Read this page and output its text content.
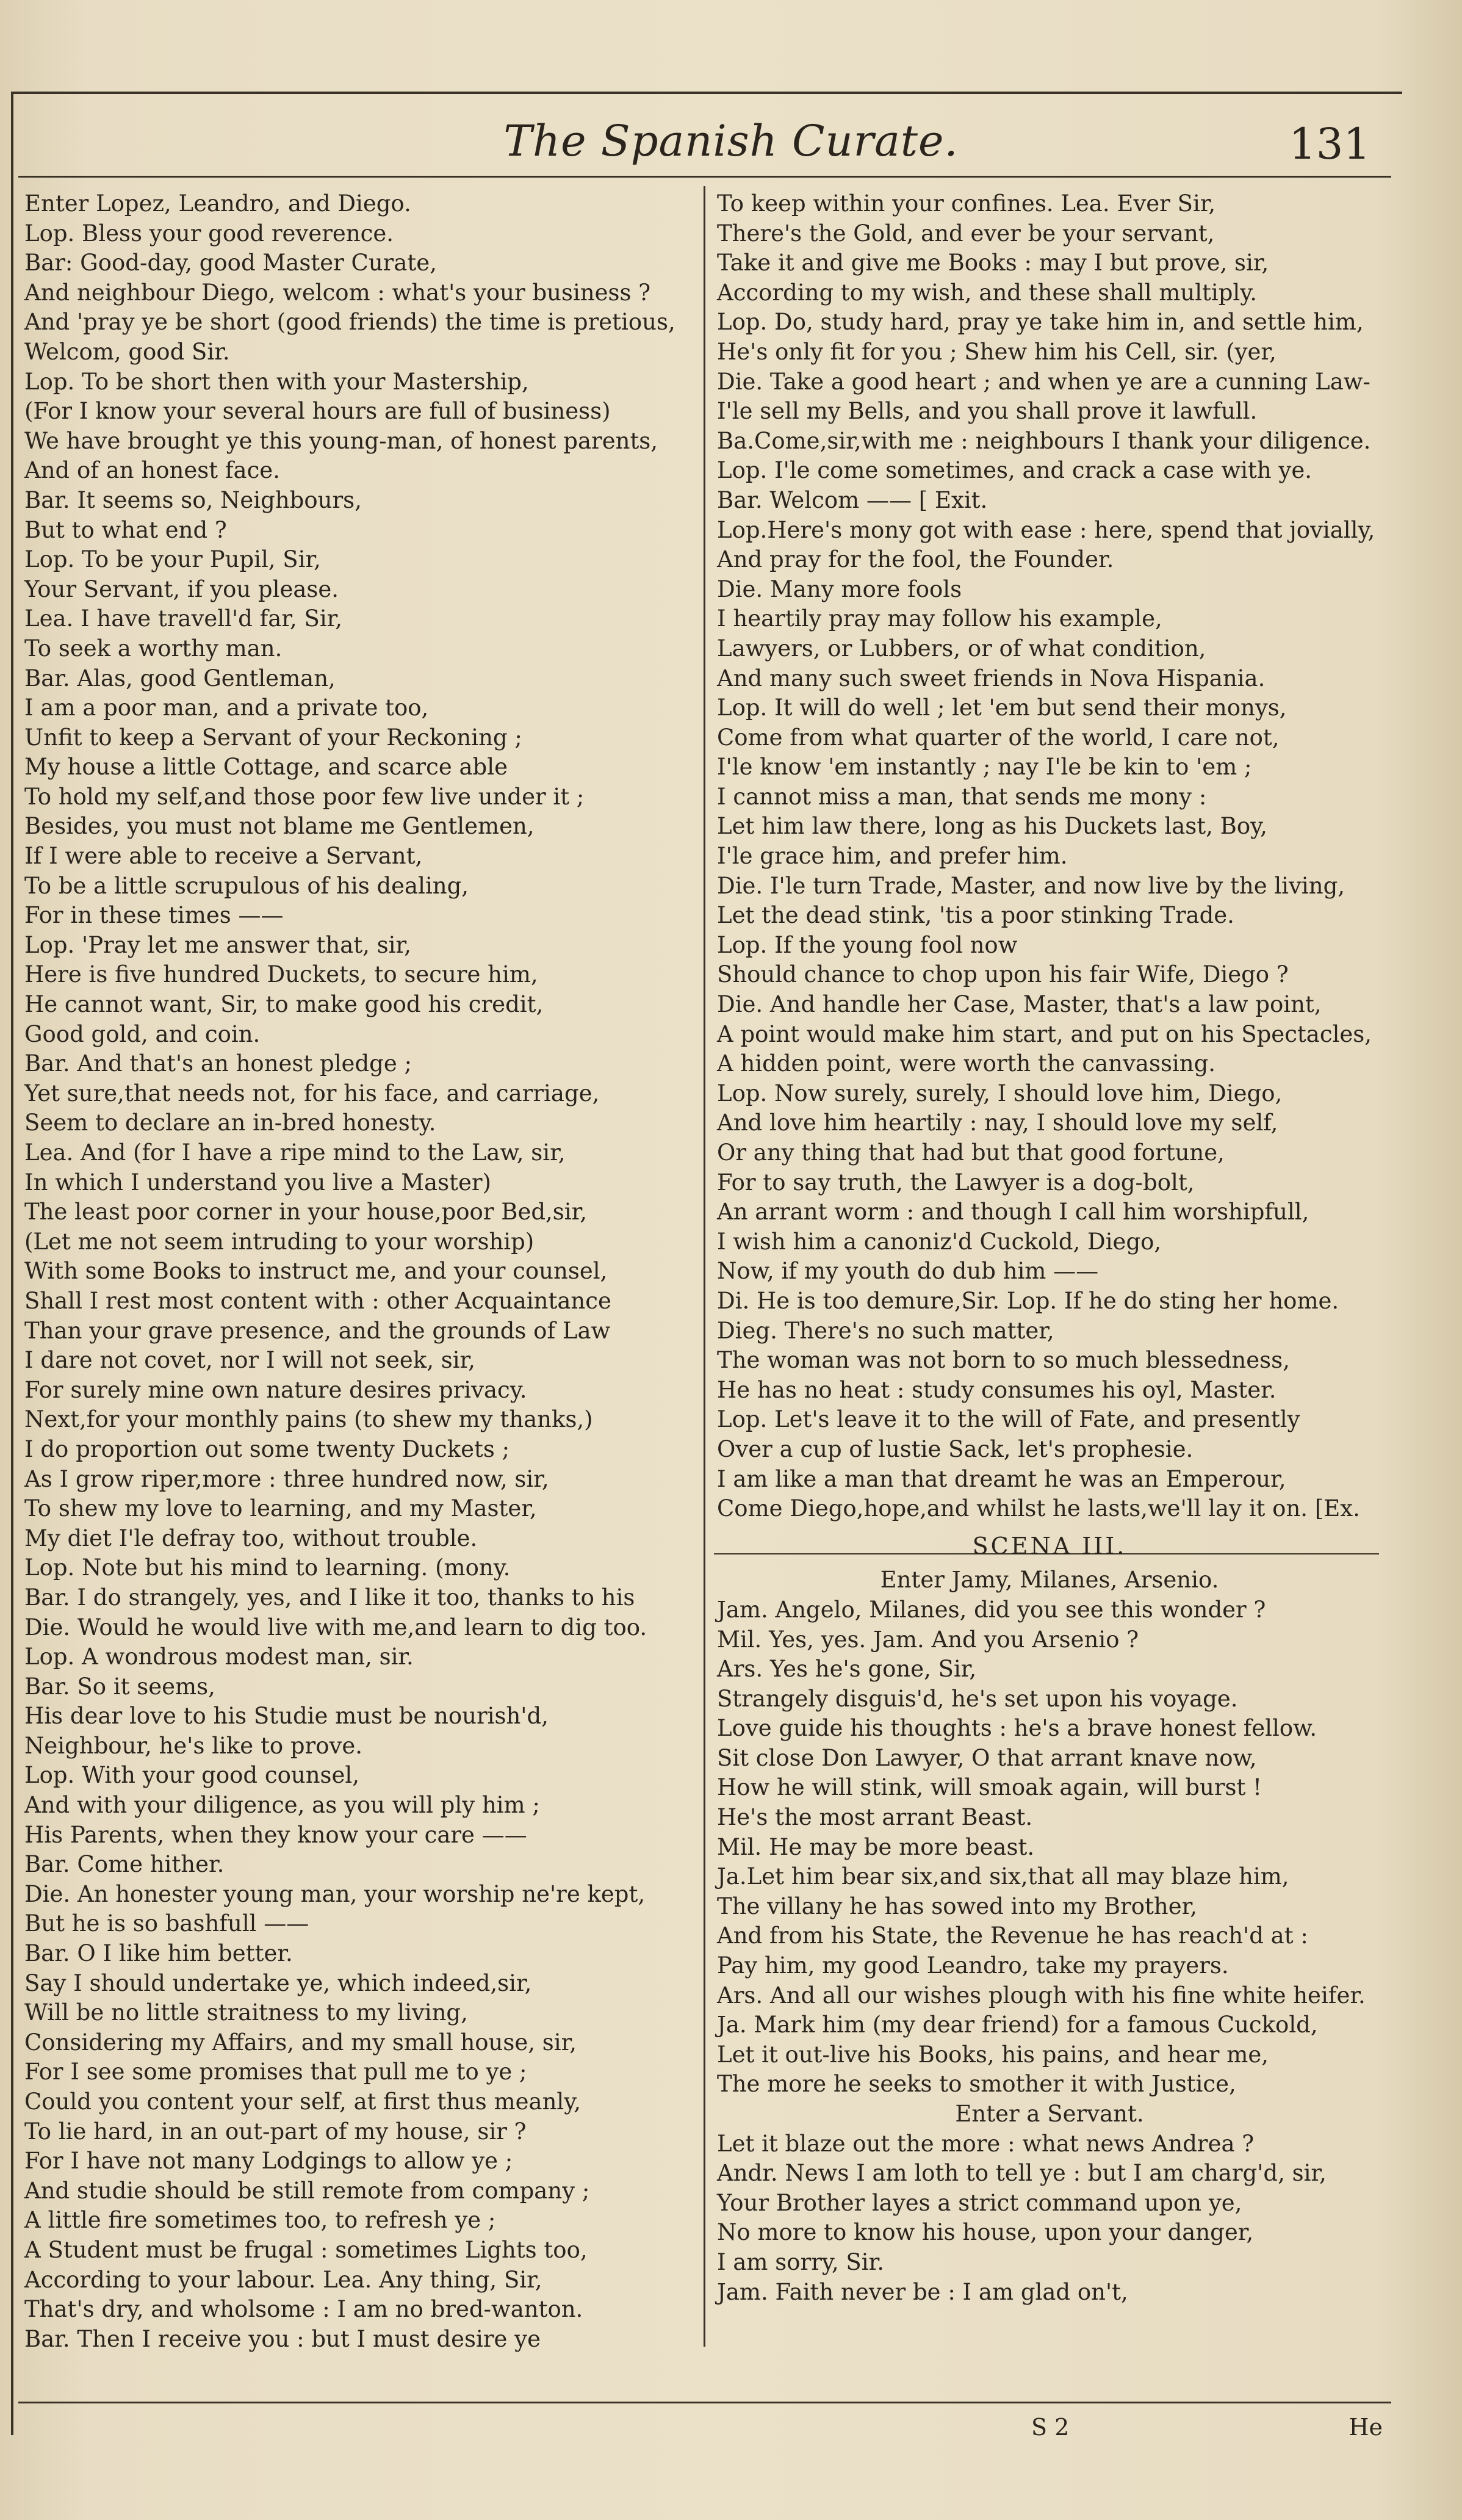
The Spanish Curate.	131
Enter Lopez, Leandro, and Diego.
Lop. Bless your good reverence.
Bar: Good-day, good Master Curate,
And neighbour Diego, welcom : what's your business ?
And 'pray ye be short (good friends) the time is pretious,
Welcom, good Sir.
Lop. To be short then with your Mastership,
(For I know your several hours are full of business)
We have brought ye this young-man, of honest parents,
And of an honest face.
Bar. It seems so, Neighbours,
But to what end ?
Lop. To be your Pupil, Sir,
Your Servant, if you please.
Lea. I have travell'd far, Sir,
To seek a worthy man.
Bar. Alas, good Gentleman,
I am a poor man, and a private too,
Unfit to keep a Servant of your Reckoning ;
My house a little Cottage, and scarce able
To hold my self,and those poor few live under it ;
Besides, you must not blame me Gentlemen,
If I were able to receive a Servant,
To be a little scrupulous of his dealing,
For in these times ——
Lop. 'Pray let me answer that, sir,
Here is five hundred Duckets, to secure him,
He cannot want, Sir, to make good his credit,
Good gold, and coin.
Bar. And that's an honest pledge ;
Yet sure,that needs not, for his face, and carriage,
Seem to declare an in-bred honesty.
Lea. And (for I have a ripe mind to the Law, sir,
In which I understand you live a Master)
The least poor corner in your house,poor Bed,sir,
(Let me not seem intruding to your worship)
With some Books to instruct me, and your counsel,
Shall I rest most content with : other Acquaintance
Than your grave presence, and the grounds of Law
I dare not covet, nor I will not seek, sir,
For surely mine own nature desires privacy.
Next,for your monthly pains (to shew my thanks,)
I do proportion out some twenty Duckets ;
As I grow riper,more : three hundred now, sir,
To shew my love to learning, and my Master,
My diet I'le defray too, without trouble.
Lop. Note but his mind to learning. (mony.
Bar. I do strangely, yes, and I like it too, thanks to his
Die. Would he would live with me,and learn to dig too.
Lop. A wondrous modest man, sir.
Bar. So it seems,
His dear love to his Studie must be nourish'd,
Neighbour, he's like to prove.
Lop. With your good counsel,
And with your diligence, as you will ply him ;
His Parents, when they know your care ——
Bar. Come hither.
Die. An honester young man, your worship ne're kept,
But he is so bashfull ——
Bar. O I like him better.
Say I should undertake ye, which indeed,sir,
Will be no little straitness to my living,
Considering my Affairs, and my small house, sir,
For I see some promises that pull me to ye ;
Could you content your self, at first thus meanly,
To lie hard, in an out-part of my house, sir ?
For I have not many Lodgings to allow ye ;
And studie should be still remote from company ;
A little fire sometimes too, to refresh ye ;
A Student must be frugal : sometimes Lights too,
According to your labour. Lea. Any thing, Sir,
That's dry, and wholsome : I am no bred-wanton.
Bar. Then I receive you : but I must desire ye
To keep within your confines. Lea. Ever Sir,
There's the Gold, and ever be your servant,
Take it and give me Books : may I but prove, sir,
According to my wish, and these shall multiply.
Lop. Do, study hard, pray ye take him in, and settle him,
He's only fit for you ; Shew him his Cell, sir. (yer,
Die. Take a good heart ; and when ye are a cunning Law-
I'le sell my Bells, and you shall prove it lawfull.
Ba.Come,sir,with me : neighbours I thank your diligence.
Lop. I'le come sometimes, and crack a case with ye.
Bar. Welcom —— [ Exit.
Lop.Here's mony got with ease : here, spend that jovially,
And pray for the fool, the Founder.
Die. Many more fools
I heartily pray may follow his example,
Lawyers, or Lubbers, or of what condition,
And many such sweet friends in Nova Hispania.
Lop. It will do well ; let 'em but send their monys,
Come from what quarter of the world, I care not,
I'le know 'em instantly ; nay I'le be kin to 'em ;
I cannot miss a man, that sends me mony :
Let him law there, long as his Duckets last, Boy,
I'le grace him, and prefer him.
Die. I'le turn Trade, Master, and now live by the living,
Let the dead stink, 'tis a poor stinking Trade.
Lop. If the young fool now
Should chance to chop upon his fair Wife, Diego ?
Die. And handle her Case, Master, that's a law point,
A point would make him start, and put on his Spectacles,
A hidden point, were worth the canvassing.
Lop. Now surely, surely, I should love him, Diego,
And love him heartily : nay, I should love my self,
Or any thing that had but that good fortune,
For to say truth, the Lawyer is a dog-bolt,
An arrant worm : and though I call him worshipfull,
I wish him a canoniz'd Cuckold, Diego,
Now, if my youth do dub him ——
Di. He is too demure,Sir. Lop. If he do sting her home.
Dieg. There's no such matter,
The woman was not born to so much blessedness,
He has no heat : study consumes his oyl, Master.
Lop. Let's leave it to the will of Fate, and presently
Over a cup of lustie Sack, let's prophesie.
I am like a man that dreamt he was an Emperour,
Come Diego,hope,and whilst he lasts,we'll lay it on. [Ex.
SCENA III.
Enter Jamy, Milanes, Arsenio.
Jam. Angelo, Milanes, did you see this wonder ?
Mil. Yes, yes. Jam. And you Arsenio ?
Ars. Yes he's gone, Sir,
Strangely disguis'd, he's set upon his voyage.
Love guide his thoughts : he's a brave honest fellow.
Sit close Don Lawyer, O that arrant knave now,
How he will stink, will smoak again, will burst !
He's the most arrant Beast.
Mil. He may be more beast.
Ja.Let him bear six,and six,that all may blaze him,
The villany he has sowed into my Brother,
And from his State, the Revenue he has reach'd at :
Pay him, my good Leandro, take my prayers.
Ars. And all our wishes plough with his fine white heifer.
Ja. Mark him (my dear friend) for a famous Cuckold,
Let it out-live his Books, his pains, and hear me,
The more he seeks to smother it with Justice,
Enter a Servant.
Let it blaze out the more : what news Andrea ?
Andr. News I am loth to tell ye : but I am charg'd, sir,
Your Brother layes a strict command upon ye,
No more to know his house, upon your danger,
I am sorry, Sir.
Jam. Faith never be : I am glad on't,
S 2	He
